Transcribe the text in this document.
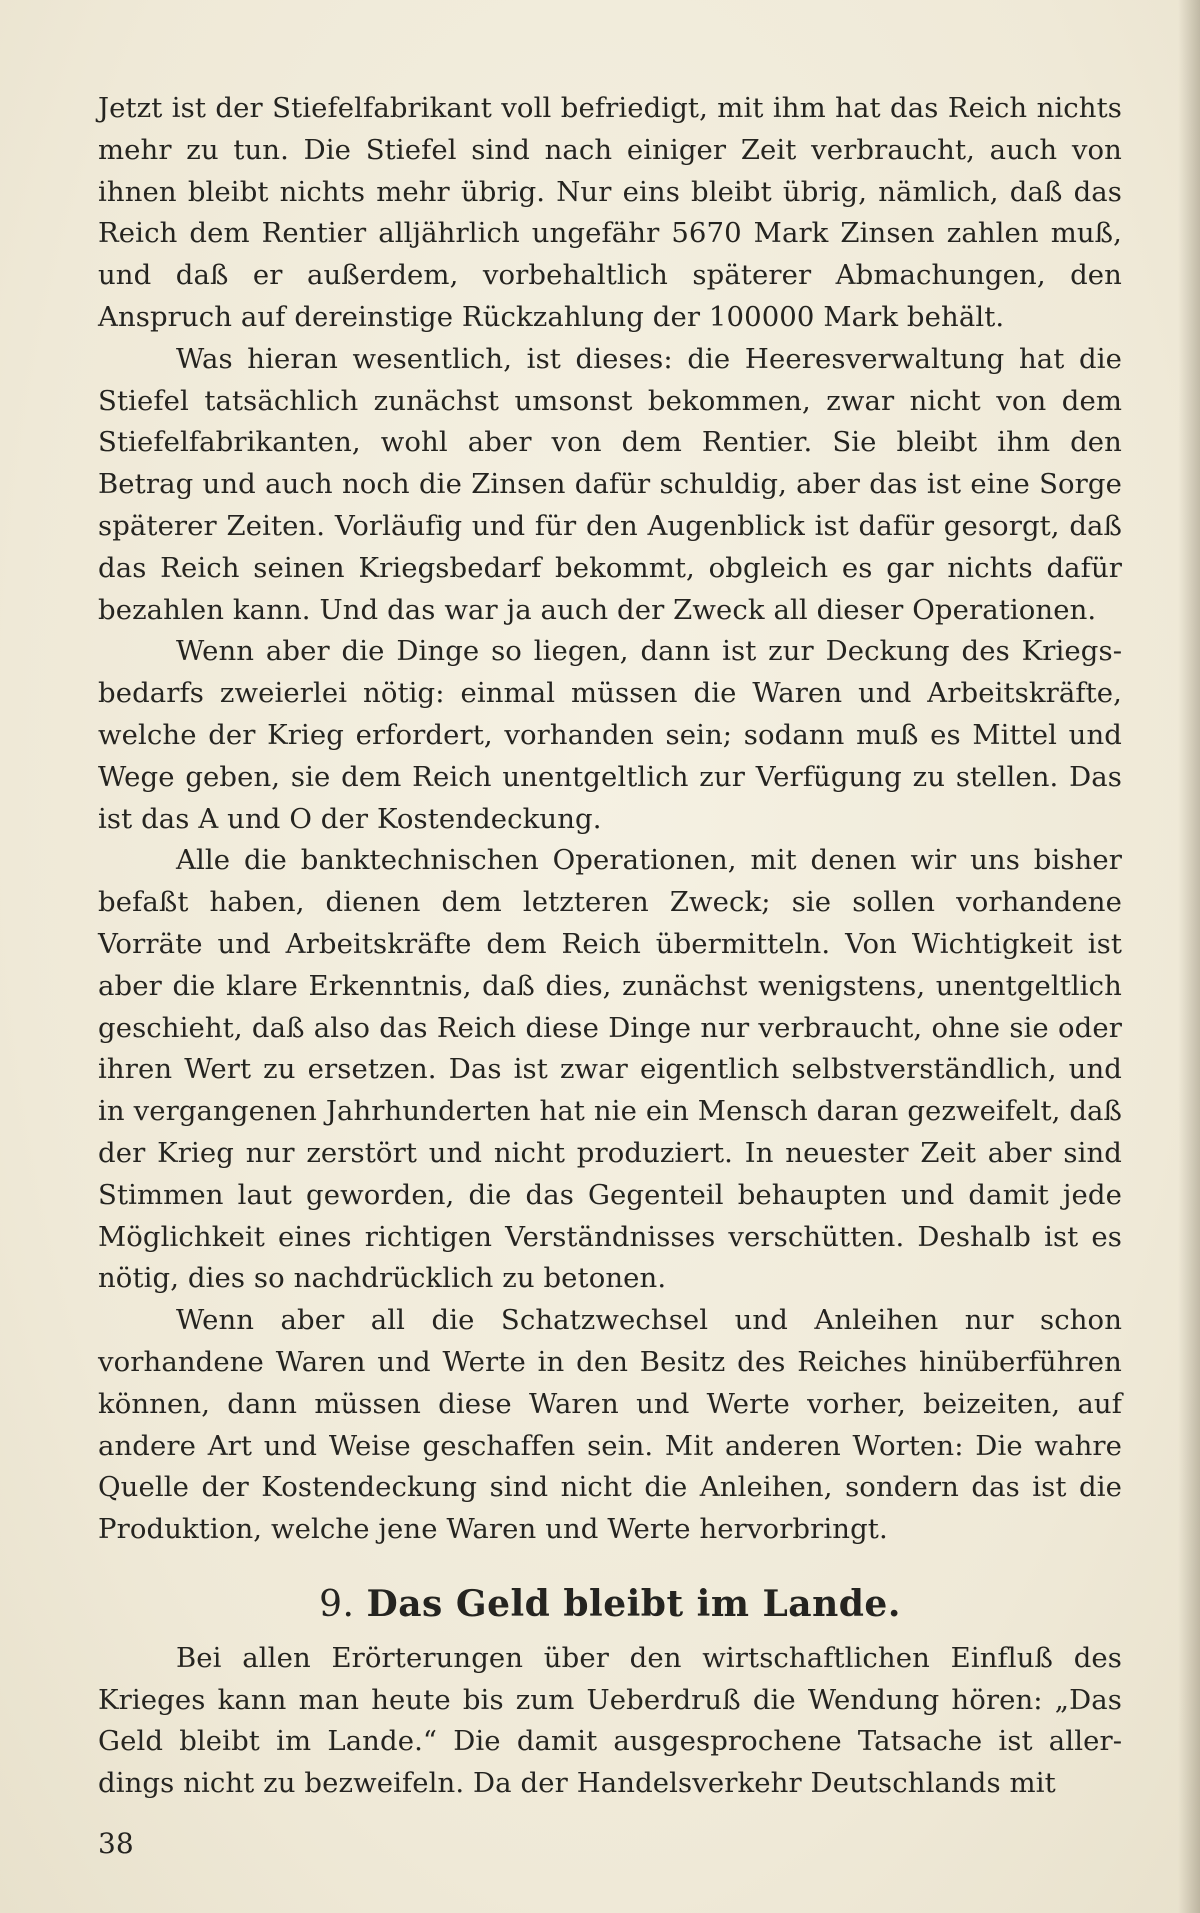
Jetzt ist der Stiefelfabrikant voll befriedigt, mit ihm hat das Reich nichts mehr zu tun. Die Stiefel sind nach einiger Zeit verbraucht, auch von ihnen bleibt nichts mehr übrig. Nur eins bleibt übrig, nämlich, daß das Reich dem Rentier alljährlich ungefähr 5670 Mark Zinsen zahlen muß, und daß er außerdem, vorbehaltlich späterer Abmachungen, den Anspruch auf dereinstige Rückzahlung der 100000 Mark behält.

Was hieran wesentlich, ist dieses: die Heeresverwaltung hat die Stiefel tatsächlich zunächst umsonst bekommen, zwar nicht von dem Stiefelfabrikanten, wohl aber von dem Rentier. Sie bleibt ihm den Betrag und auch noch die Zinsen dafür schuldig, aber das ist eine Sorge späterer Zeiten. Vorläufig und für den Augenblick ist dafür gesorgt, daß das Reich seinen Kriegsbedarf bekommt, obgleich es gar nichts dafür bezahlen kann. Und das war ja auch der Zweck all dieser Operationen.

Wenn aber die Dinge so liegen, dann ist zur Deckung des Kriegsbedarfs zweierlei nötig: einmal müssen die Waren und Arbeitskräfte, welche der Krieg erfordert, vorhanden sein; sodann muß es Mittel und Wege geben, sie dem Reich unentgeltlich zur Verfügung zu stellen. Das ist das A und O der Kostendeckung.

Alle die banktechnischen Operationen, mit denen wir uns bisher befaßt haben, dienen dem letzteren Zweck; sie sollen vorhandene Vorräte und Arbeitskräfte dem Reich übermitteln. Von Wichtigkeit ist aber die klare Erkenntnis, daß dies, zunächst wenigstens, unentgeltlich geschieht, daß also das Reich diese Dinge nur verbraucht, ohne sie oder ihren Wert zu ersetzen. Das ist zwar eigentlich selbstverständlich, und in vergangenen Jahrhunderten hat nie ein Mensch daran gezweifelt, daß der Krieg nur zerstört und nicht produziert. In neuester Zeit aber sind Stimmen laut geworden, die das Gegenteil behaupten und damit jede Möglichkeit eines richtigen Verständnisses verschütten. Deshalb ist es nötig, dies so nachdrücklich zu betonen.

Wenn aber all die Schatzwechsel und Anleihen nur schon vorhandene Waren und Werte in den Besitz des Reiches hinüberführen können, dann müssen diese Waren und Werte vorher, beizeiten, auf andere Art und Weise geschaffen sein. Mit anderen Worten: Die wahre Quelle der Kostendeckung sind nicht die Anleihen, sondern das ist die Produktion, welche jene Waren und Werte hervorbringt.

9. Das Geld bleibt im Lande.

Bei allen Erörterungen über den wirtschaftlichen Einfluß des Krieges kann man heute bis zum Ueberdruß die Wendung hören: „Das Geld bleibt im Lande.“ Die damit ausgesprochene Tatsache ist allerdings nicht zu bezweifeln. Da der Handelsverkehr Deutschlands mit

38
